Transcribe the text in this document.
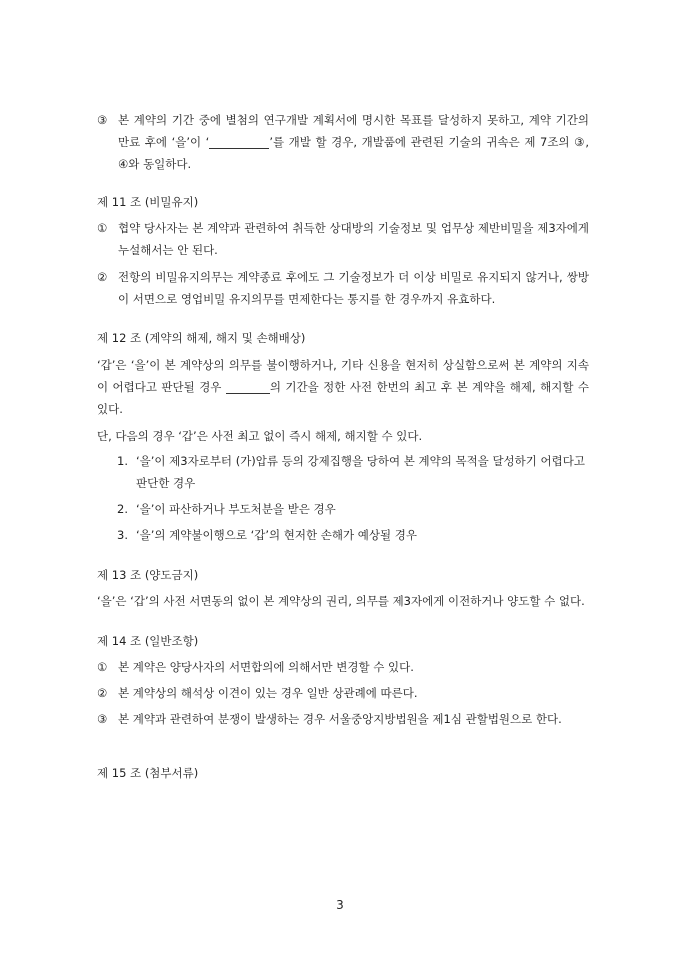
③ 본 계약의 기간 중에 별첨의 연구개발 계획서에 명시한 목표를 달성하지 못하고, 계약 기간의 만료 후에 ‘을’이 ‘	’를 개발 할 경우, 개발품에 관련된 기술의 귀속은 제 7조의 ③, ④와 동일하다.
제 11 조 (비밀유지)
① 협약 당사자는 본 계약과 관련하여 취득한 상대방의 기술정보 및 업무상 제반비밀을 제3자에게 누설해서는 안 된다.
② 전항의 비밀유지의무는 계약종료 후에도 그 기술정보가 더 이상 비밀로 유지되지 않거나, 쌍방이 서면으로 영업비밀 유지의무를 면제한다는 통지를 한 경우까지 유효하다.
제 12 조 (계약의 해제, 해지 및 손해배상)
‘갑’은 ‘을’이 본 계약상의 의무를 불이행하거나, 기타 신용을 현저히 상실함으로써 본 계약의 지속이 어렵다고 판단될 경우	의 기간을 정한 사전 한번의 최고 후 본 계약을 해제, 해지할 수 있다.
단, 다음의 경우 ‘갑’은 사전 최고 없이 즉시 해제, 해지할 수 있다.
1. ‘을’이 제3자로부터 (가)압류 등의 강제집행을 당하여 본 계약의 목적을 달성하기 어렵다고 판단한 경우
2. ‘을’이 파산하거나 부도처분을 받은 경우
3. ‘을’의 계약불이행으로 ‘갑’의 현저한 손해가 예상될 경우
제 13 조 (양도금지)
‘을’은 ‘갑’의 사전 서면동의 없이 본 계약상의 권리, 의무를 제3자에게 이전하거나 양도할 수 없다.
제 14 조 (일반조항)
① 본 계약은 양당사자의 서면합의에 의해서만 변경할 수 있다.
② 본 계약상의 해석상 이견이 있는 경우 일반 상관례에 따른다.
③ 본 계약과 관련하여 분쟁이 발생하는 경우 서울중앙지방법원을 제1심 관할법원으로 한다.
제 15 조 (첨부서류)
3
